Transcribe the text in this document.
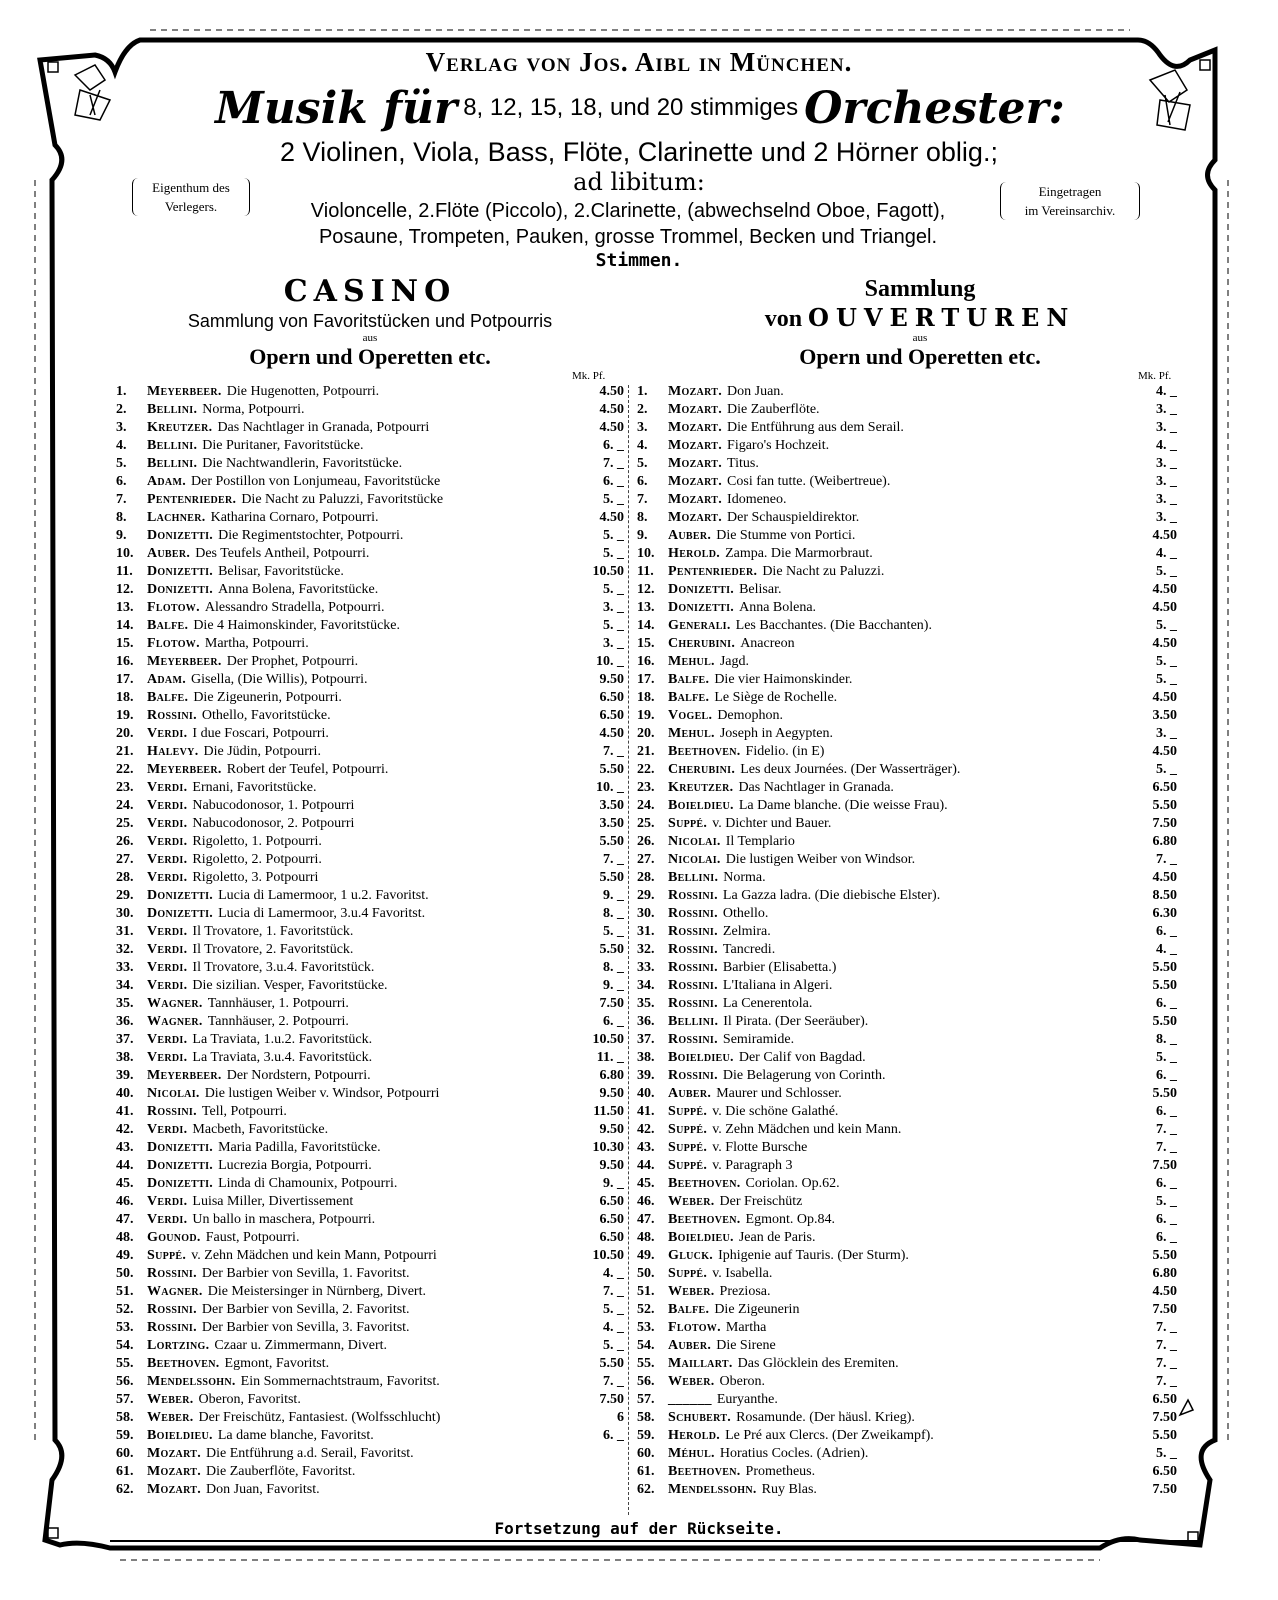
Verlag von Jos. Aibl in München.
Musik für 8, 12, 15, 18, und 20 stimmiges Orchester:
2 Violinen, Viola, Bass, Flöte, Clarinette und 2 Hörner oblig.;
ad libitum:
Eigenthum des
Verlegers.
Eingetragen
im Vereinsarchiv.
Violoncelle, 2.Flöte (Piccolo), 2.Clarinette, (abwechselnd Oboe, Fagott),
Posaune, Trompeten, Pauken, grosse Trommel, Becken und Triangel.
Stimmen.
CASINO
Sammlung von Favoritstücken und Potpourris
aus
Opern und Operetten etc.
Mk. Pf.
Sammlung
von OUVERTUREN
aus
Opern und Operetten etc.
Mk. Pf.
1.	Meyerbeer. Die Hugenotten, Potpourri.	4.50
2.	Bellini. Norma, Potpourri.	4.50
3.	Kreutzer. Das Nachtlager in Granada, Potpourri	4.50
4.	Bellini. Die Puritaner, Favoritstücke.	6. _
5.	Bellini. Die Nachtwandlerin, Favoritstücke.	7. _
6.	Adam. Der Postillon von Lonjumeau, Favoritstücke	6. _
7.	Pentenrieder. Die Nacht zu Paluzzi, Favoritstücke	5. _
8.	Lachner. Katharina Cornaro, Potpourri.	4.50
9.	Donizetti. Die Regimentstochter, Potpourri.	5. _
10. Auber. Des Teufels Antheil, Potpourri.	5. _
11.	Donizetti. Belisar, Favoritstücke.	10.50
12. Donizetti. Anna Bolena, Favoritstücke.	5. _
13. Flotow. Alessandro Stradella, Potpourri.	3. _
14. Balfe. Die 4 Haimonskinder, Favoritstücke.	5. _
15. Flotow. Martha, Potpourri.	3. _
16. Meyerbeer. Der Prophet, Potpourri.	10. _
17. Adam. Gisella, (Die Willis), Potpourri.	9.50
18. Balfe. Die Zigeunerin, Potpourri.	6.50
19. Rossini. Othello, Favoritstücke.	6.50
20. Verdi. I due Foscari, Potpourri.	4.50
21. Halevy. Die Jüdin, Potpourri.	7. _
22. Meyerbeer. Robert der Teufel, Potpourri.	5.50
23. Verdi. Ernani, Favoritstücke.	10. _
24. Verdi. Nabucodonosor, 1. Potpourri	3.50
25. Verdi. Nabucodonosor, 2. Potpourri	3.50
26. Verdi. Rigoletto, 1. Potpourri.	5.50
27. Verdi. Rigoletto, 2. Potpourri.	7. _
28. Verdi. Rigoletto, 3. Potpourri	5.50
29. Donizetti. Lucia di Lamermoor, 1 u.2. Favoritst.	9. _
30. Donizetti. Lucia di Lamermoor, 3.u.4 Favoritst.	8. _
31. Verdi. Il Trovatore, 1. Favoritstück.	5. _
32. Verdi. Il Trovatore, 2. Favoritstück.	5.50
33. Verdi. Il Trovatore, 3.u.4. Favoritstück.	8. _
34. Verdi. Die sizilian. Vesper, Favoritstücke.	9. _
35. Wagner. Tannhäuser, 1. Potpourri.	7.50
36. Wagner. Tannhäuser, 2. Potpourri.	6. _
37. Verdi. La Traviata, 1.u.2. Favoritstück.	10.50
38. Verdi. La Traviata, 3.u.4. Favoritstück.	11. _
39. Meyerbeer. Der Nordstern, Potpourri.	6.80
40. Nicolai. Die lustigen Weiber v. Windsor, Potpourri	9.50
41. Rossini. Tell, Potpourri.	11.50
42. Verdi. Macbeth, Favoritstücke.	9.50
43. Donizetti. Maria Padilla, Favoritstücke.	10.30
44. Donizetti. Lucrezia Borgia, Potpourri.	9.50
45. Donizetti. Linda di Chamounix, Potpourri.	9. _
46. Verdi. Luisa Miller, Divertissement	6.50
47. Verdi. Un ballo in maschera, Potpourri.	6.50
48. Gounod. Faust, Potpourri.	6.50
49. Suppé. v. Zehn Mädchen und kein Mann, Potpourri	10.50
50. Rossini. Der Barbier von Sevilla, 1. Favoritst.	4. _
51. Wagner. Die Meistersinger in Nürnberg, Divert.	7. _
52. Rossini. Der Barbier von Sevilla, 2. Favoritst.	5. _
53. Rossini. Der Barbier von Sevilla, 3. Favoritst.	4. _
54. Lortzing. Czaar u. Zimmermann, Divert.	5. _
55. Beethoven. Egmont, Favoritst.	5.50
56. Mendelssohn. Ein Sommernachtstraum, Favoritst.	7. _
57. Weber. Oberon, Favoritst.	7.50
58. Weber. Der Freischütz, Fantasiest. (Wolfsschlucht)	6
59. Boieldieu. La dame blanche, Favoritst.	6. _
60. Mozart. Die Entführung a.d. Serail, Favoritst.
61. Mozart. Die Zauberflöte, Favoritst.
62. Mozart. Don Juan, Favoritst.
1.	Mozart. Don Juan.	4. _
2.	Mozart. Die Zauberflöte.	3. _
3.	Mozart. Die Entführung aus dem Serail.	3. _
4.	Mozart. Figaro's Hochzeit.	4. _
5.	Mozart. Titus.	3. _
6.	Mozart. Cosi fan tutte. (Weibertreue).	3. _
7.	Mozart. Idomeneo.	3. _
8.	Mozart. Der Schauspieldirektor.	3. _
9.	Auber. Die Stumme von Portici.	4.50
10. Herold. Zampa. Die Marmorbraut.	4. _
11.	Pentenrieder. Die Nacht zu Paluzzi.	5. _
12. Donizetti. Belisar.	4.50
13. Donizetti. Anna Bolena.	4.50
14. Generali. Les Bacchantes. (Die Bacchanten).	5. _
15. Cherubini. Anacreon	4.50
16. Mehul. Jagd.	5. _
17. Balfe. Die vier Haimonskinder.	5. _
18. Balfe. Le Siège de Rochelle.	4.50
19. Vogel. Demophon.	3.50
20. Mehul. Joseph in Aegypten.	3. _
21. Beethoven. Fidelio. (in E)	4.50
22. Cherubini. Les deux Journées. (Der Wasserträger).	5. _
23. Kreutzer. Das Nachtlager in Granada.	6.50
24. Boieldieu. La Dame blanche. (Die weisse Frau).	5.50
25. Suppé. v. Dichter und Bauer.	7.50
26. Nicolai. Il Templario	6.80
27. Nicolai. Die lustigen Weiber von Windsor.	7. _
28. Bellini. Norma.	4.50
29. Rossini. La Gazza ladra. (Die diebische Elster).	8.50
30. Rossini. Othello.	6.30
31. Rossini. Zelmira.	6. _
32. Rossini. Tancredi.	4. _
33. Rossini. Barbier (Elisabetta.)	5.50
34. Rossini. L'Italiana in Algeri.	5.50
35. Rossini. La Cenerentola.	6. _
36. Bellini. Il Pirata. (Der Seeräuber).	5.50
37. Rossini. Semiramide.	8. _
38. Boieldieu. Der Calif von Bagdad.	5. _
39. Rossini. Die Belagerung von Corinth.	6. _
40. Auber. Maurer und Schlosser.	5.50
41. Suppé. v. Die schöne Galathé.	6. _
42. Suppé. v. Zehn Mädchen und kein Mann.	7. _
43. Suppé. v. Flotte Bursche	7. _
44. Suppé. v. Paragraph 3	7.50
45. Beethoven. Coriolan. Op.62.	6. _
46. Weber. Der Freischütz	5. _
47. Beethoven. Egmont. Op.84.	6. _
48. Boieldieu. Jean de Paris.	6. _
49. Gluck. Iphigenie auf Tauris. (Der Sturm).	5.50
50. Suppé. v. Isabella.	6.80
51. Weber. Preziosa.	4.50
52. Balfe. Die Zigeunerin	7.50
53. Flotow. Martha	7. _
54. Auber. Die Sirene	7. _
55. Maillart. Das Glöcklein des Eremiten.	7. _
56. Weber. Oberon.	7. _
57. ______ Euryanthe.	6.50
58. Schubert. Rosamunde. (Der häusl. Krieg).	7.50
59. Herold. Le Pré aux Clercs. (Der Zweikampf).	5.50
60. Méhul. Horatius Cocles. (Adrien).	5. _
61. Beethoven. Prometheus.	6.50
62. Mendelssohn. Ruy Blas.	7.50
Fortsetzung auf der Rückseite.
